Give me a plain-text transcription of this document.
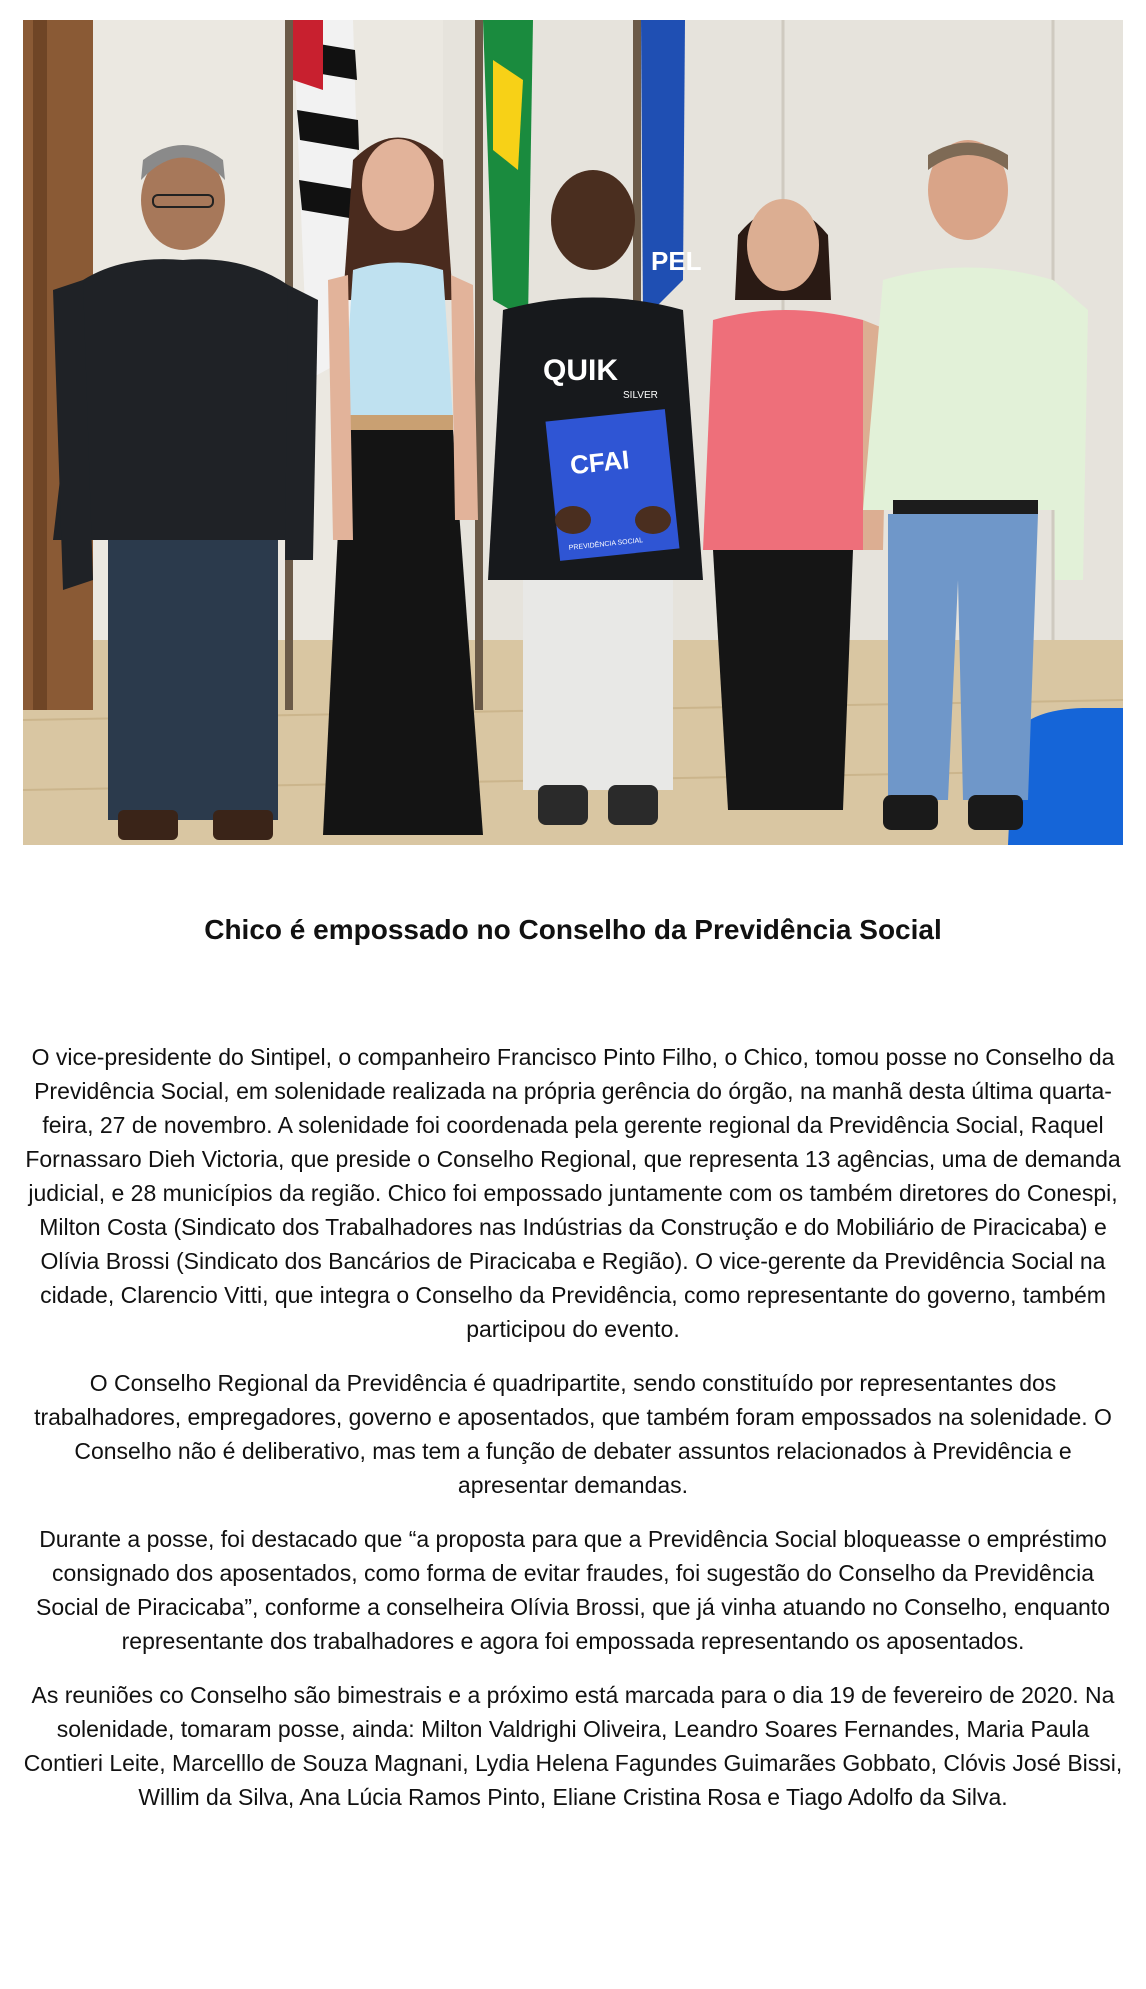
PEL
QUIK
SILVER
CFAI
PREVIDÊNCIA SOCIAL
Chico é empossado no Conselho da Previdência Social

O vice-presidente do Sintipel, o companheiro Francisco Pinto Filho, o Chico, tomou posse no Conselho da Previdência Social, em solenidade realizada na própria gerência do órgão, na manhã desta última quarta-feira, 27 de novembro. A solenidade foi coordenada pela gerente regional da Previdência Social, Raquel Fornassaro Dieh Victoria, que preside o Conselho Regional, que representa 13 agências, uma de demanda judicial, e 28 municípios da região. Chico foi empossado juntamente com os também diretores do Conespi, Milton Costa (Sindicato dos Trabalhadores nas Indústrias da Construção e do Mobiliário de Piracicaba) e Olívia Brossi (Sindicato dos Bancários de Piracicaba e Região). O vice-gerente da Previdência Social na cidade, Clarencio Vitti, que integra o Conselho da Previdência, como representante do governo, também participou do evento.

O Conselho Regional da Previdência é quadripartite, sendo constituído por representantes dos trabalhadores, empregadores, governo e aposentados, que também foram empossados na solenidade. O Conselho não é deliberativo, mas tem a função de debater assuntos relacionados à Previdência e apresentar demandas.

Durante a posse, foi destacado que “a proposta para que a Previdência Social bloqueasse o empréstimo consignado dos aposentados, como forma de evitar fraudes, foi sugestão do Conselho da Previdência Social de Piracicaba”, conforme a conselheira Olívia Brossi, que já vinha atuando no Conselho, enquanto representante dos trabalhadores e agora foi empossada representando os aposentados.

As reuniões co Conselho são bimestrais e a próximo está marcada para o dia 19 de fevereiro de 2020. Na solenidade, tomaram posse, ainda: Milton Valdrighi Oliveira, Leandro Soares Fernandes, Maria Paula Contieri Leite, Marcelllo de Souza Magnani, Lydia Helena Fagundes Guimarães Gobbato, Clóvis José Bissi, Willim da Silva, Ana Lúcia Ramos Pinto, Eliane Cristina Rosa e Tiago Adolfo da Silva.
